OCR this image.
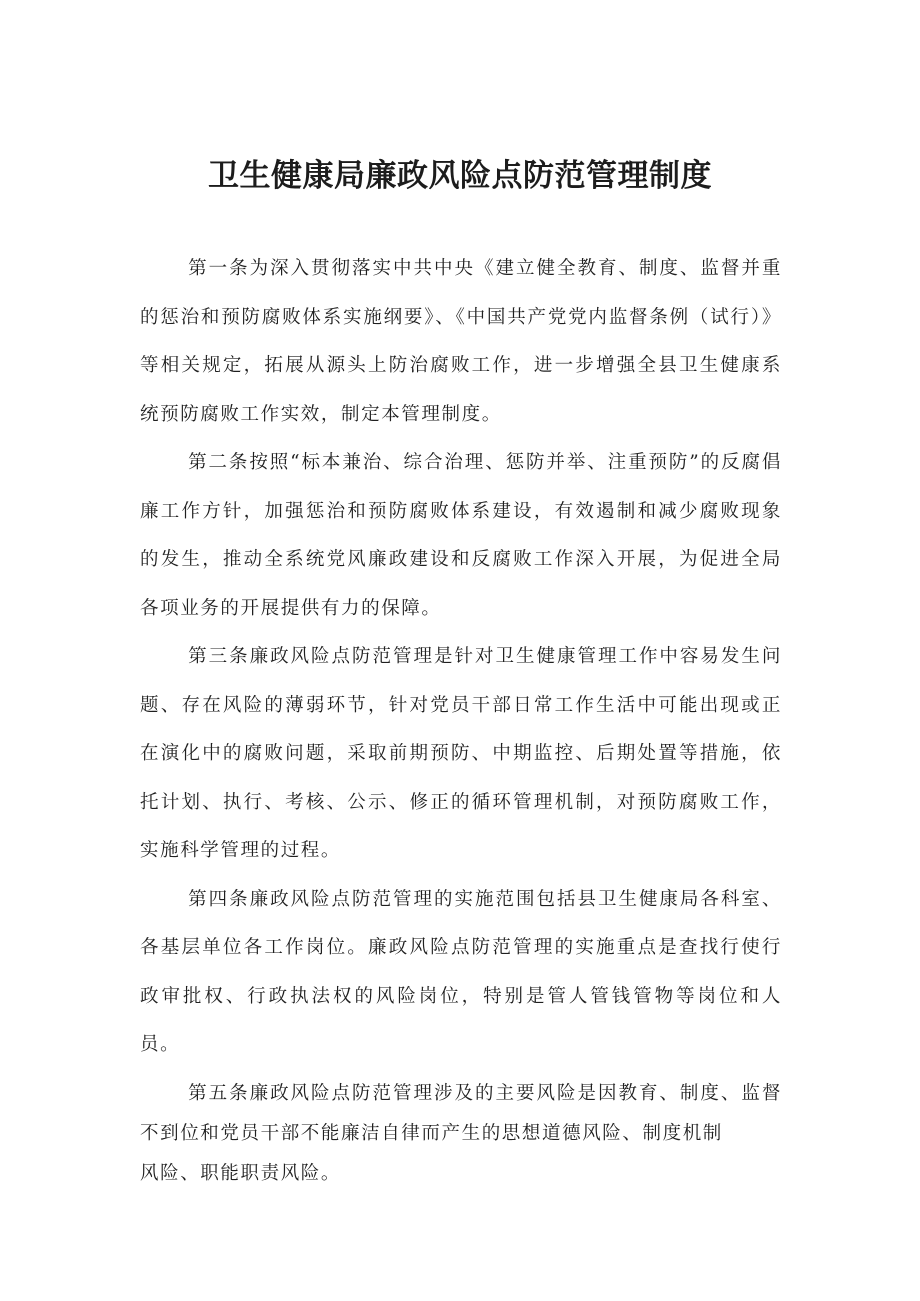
卫生健康局廉政风险点防范管理制度

第一条为深入贯彻落实中共中央《建立健全教育、制度、监督并重的惩治和预防腐败体系实施纲要》、《中国共产党党内监督条例（试行）》等相关规定，拓展从源头上防治腐败工作，进一步增强全县卫生健康系统预防腐败工作实效，制定本管理制度。

第二条按照“标本兼治、综合治理、惩防并举、注重预防”的反腐倡廉工作方针，加强惩治和预防腐败体系建设，有效遏制和减少腐败现象的发生，推动全系统党风廉政建设和反腐败工作深入开展，为促进全局各项业务的开展提供有力的保障。

第三条廉政风险点防范管理是针对卫生健康管理工作中容易发生问题、存在风险的薄弱环节，针对党员干部日常工作生活中可能出现或正在演化中的腐败问题，采取前期预防、中期监控、后期处置等措施，依托计划、执行、考核、公示、修正的循环管理机制，对预防腐败工作，实施科学管理的过程。

第四条廉政风险点防范管理的实施范围包括县卫生健康局各科室、各基层单位各工作岗位。廉政风险点防范管理的实施重点是查找行使行政审批权、行政执法权的风险岗位，特别是管人管钱管物等岗位和人员。

第五条廉政风险点防范管理涉及的主要风险是因教育、制度、监督不到位和党员干部不能廉洁自律而产生的思想道德风险、制度机制

风险、职能职责风险。
